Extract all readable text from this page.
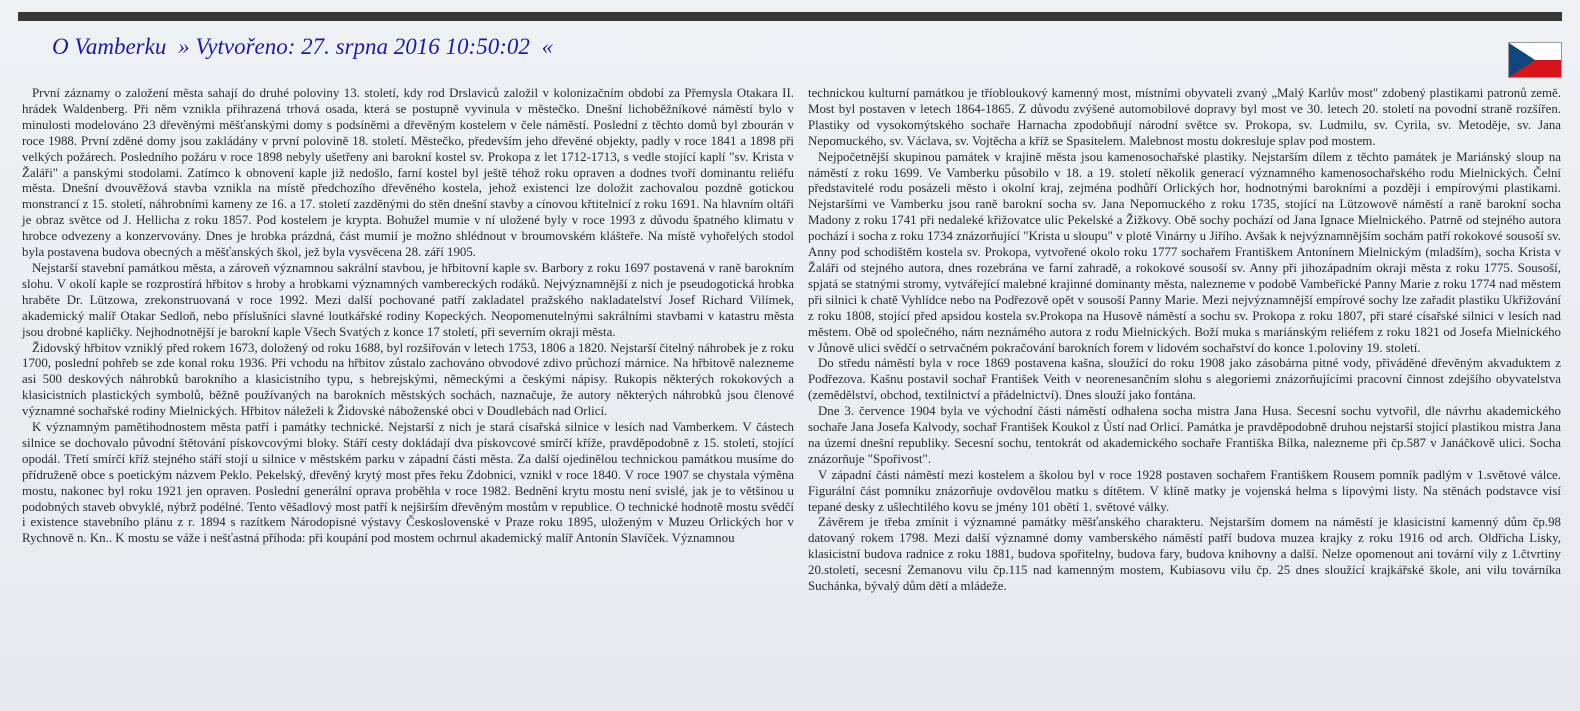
O Vamberku » Vytvořeno: 27. srpna 2016 10:50:02 «

První záznamy o založení města sahají do druhé poloviny 13. století, kdy rod Drslaviců založil v kolonizačním období za Přemysla Otakara II. hrádek Waldenberg. Při něm vznikla přihrazená trhová osada, která se postupně vyvinula v městečko. Dnešní lichoběžníkové náměstí bylo v minulosti modelováno 23 dřevěnými měšťanskými domy s podsíněmi a dřevěným kostelem v čele náměstí. Poslední z těchto domů byl zbourán v roce 1988. První zděné domy jsou zakládány v první polovině 18. století. Městečko, především jeho dřevěné objekty, padly v roce 1841 a 1898 při velkých požárech. Posledního požáru v roce 1898 nebyly ušetřeny ani barokní kostel sv. Prokopa z let 1712-1713, s vedle stojící kaplí "sv. Krista v Žaláři" a panskými stodolami. Zatímco k obnovení kaple již nedošlo, farní kostel byl ještě téhož roku opraven a dodnes tvoří dominantu reliéfu města. Dnešní dvouvěžová stavba vznikla na místě předchozího dřevěného kostela, jehož existenci lze doložit zachovalou pozdně gotickou monstrancí z 15. století, náhrobními kameny ze 16. a 17. století zazděnými do stěn dnešní stavby a cínovou křtitelnicí z roku 1691. Na hlavním oltáři je obraz světce od J. Hellicha z roku 1857. Pod kostelem je krypta. Bohužel mumie v ní uložené byly v roce 1993 z důvodu špatného klimatu v hrobce odvezeny a konzervovány. Dnes je hrobka prázdná, část mumií je možno shlédnout v broumovském klášteře. Na místě vyhořelých stodol byla postavena budova obecných a měšťanských škol, jež byla vysvěcena 28. září 1905.

Nejstarší stavební památkou města, a zároveň významnou sakrální stavbou, je hřbitovní kaple sv. Barbory z roku 1697 postavená v raně barokním slohu. V okolí kaple se rozprostírá hřbitov s hroby a hrobkami významných vambereckých rodáků. Nejvýznamnější z nich je pseudogotická hrobka hraběte Dr. Lützowa, zrekonstruovaná v roce 1992. Mezi další pochované patří zakladatel pražského nakladatelství Josef Richard Vilímek, akademický malíř Otakar Sedloň, nebo příslušníci slavné loutkářské rodiny Kopeckých. Neopomenutelnými sakrálními stavbami v katastru města jsou drobné kapličky. Nejhodnotnější je barokní kaple Všech Svatých z konce 17 století, při severním okraji města.

Židovský hřbitov vzniklý před rokem 1673, doložený od roku 1688, byl rozšiřován v letech 1753, 1806 a 1820. Nejstarší čitelný náhrobek je z roku 1700, poslední pohřeb se zde konal roku 1936. Při vchodu na hřbitov zůstalo zachováno obvodové zdivo průchozí márnice. Na hřbitově nalezneme asi 500 deskových náhrobků barokního a klasicistního typu, s hebrejskými, německými a českými nápisy. Rukopis některých rokokových a klasicistních plastických symbolů, běžně používaných na barokních městských sochách, naznačuje, že autory některých náhrobků jsou členové významné sochařské rodiny Mielnických. Hřbitov náleželi k Židovské náboženské obci v Doudlebách nad Orlicí.

K významným pamětihodnostem města patří i památky technické. Nejstarší z nich je stará císařská silnice v lesích nad Vamberkem. V částech silnice se dochovalo původní štětování pískovcovými bloky. Stáří cesty dokládají dva pískovcové smírčí kříže, pravděpodobně z 15. století, stojící opodál. Třetí smírčí kříž stejného stáří stojí u silnice v městském parku v západní části města. Za další ojedinělou technickou památkou musíme do přídruženě obce s poetickým názvem Peklo. Pekelský, dřevěný krytý most přes řeku Zdobnici, vznikl v roce 1840. V roce 1907 se chystala výměna mostu, nakonec byl roku 1921 jen opraven. Poslední generální oprava proběhla v roce 1982. Bednění krytu mostu není svislé, jak je to většinou u podobných staveb obvyklé, nýbrž podélné. Tento věšadlový most patří k nejširším dřevěným mostům v republice. O technické hodnotě mostu svědčí i existence stavebního plánu z r. 1894 s razítkem Národopisné výstavy Československé v Praze roku 1895, uloženým v Muzeu Orlických hor v Rychnově n. Kn.. K mostu se váže i nešťastná příhoda: při koupání pod mostem ochrnul akademický malíř Antonín Slavíček. Významnou

technickou kulturní památkou je tříobloukový kamenný most, místními obyvateli zvaný „Malý Karlův most" zdobený plastikami patronů země. Most byl postaven v letech 1864-1865. Z důvodu zvýšené automobilové dopravy byl most ve 30. letech 20. století na povodní straně rozšířen. Plastiky od vysokomýtského sochaře Harnacha zpodobňují národní světce sv. Prokopa, sv. Ludmilu, sv. Cyrila, sv. Metoděje, sv. Jana Nepomuckého, sv. Václava, sv. Vojtěcha a kříž se Spasitelem. Malebnost mostu dokresluje splav pod mostem.

Nejpočetnější skupinou památek v krajině města jsou kamenosochařské plastiky. Nejstarším dílem z těchto památek je Mariánský sloup na náměstí z roku 1699. Ve Vamberku působilo v 18. a 19. století několik generací významného kamenosochařského rodu Mielnických. Čelní představitelé rodu posázeli město i okolní kraj, zejména podhůří Orlických hor, hodnotnými barokními a později i empírovými plastikami. Nejstaršími ve Vamberku jsou raně barokní socha sv. Jana Nepomuckého z roku 1735, stojící na Lützowově náměstí a raně barokní socha Madony z roku 1741 při nedaleké křižovatce ulic Pekelské a Žižkovy. Obě sochy pochází od Jana Ignace Mielnického. Patrně od stejného autora pochází i socha z roku 1734 znázorňující "Krista u sloupu" v plotě Vinárny u Jiřího. Avšak k nejvýznamnějším sochám patří rokokové sousoší sv. Anny pod schodištěm kostela sv. Prokopa, vytvořené okolo roku 1777 sochařem Františkem Antonínem Mielnickým (mladším), socha Krista v Žaláři od stejného autora, dnes rozebrána ve farní zahradě, a rokokové sousoší sv. Anny při jihozápadním okraji města z roku 1775. Sousoší, spjatá se statnými stromy, vytvářející malebné krajinné dominanty města, nalezneme v podobě Vambeřické Panny Marie z roku 1774 nad městem při silnici k chatě Vyhlídce nebo na Podřezově opět v sousoší Panny Marie. Mezi nejvýznamnější empírové sochy lze zařadit plastiku Ukřižování z roku 1808, stojící před apsidou kostela sv.Prokopa na Husově náměstí a sochu sv. Prokopa z roku 1807, při staré císařské silnici v lesích nad městem. Obě od společného, nám neznámého autora z rodu Mielnických. Boží muka s mariánským reliéfem z roku 1821 od Josefa Mielnického v Jůnově ulici svědčí o setrvačném pokračování barokních forem v lidovém sochařství do konce 1.poloviny 19. století.

Do středu náměstí byla v roce 1869 postavena kašna, sloužící do roku 1908 jako zásobárna pitné vody, přiváděné dřevěným akvaduktem z Podřezova. Kašnu postavil sochař František Veith v neorenesančním slohu s alegoriemi znázorňujícími pracovní činnost zdejšího obyvatelstva (zemědělství, obchod, textilnictví a přádelnictví). Dnes slouží jako fontána.

Dne 3. července 1904 byla ve východní části náměstí odhalena socha mistra Jana Husa. Secesní sochu vytvořil, dle návrhu akademického sochaře Jana Josefa Kalvody, sochař František Koukol z Ústí nad Orlicí. Památka je pravděpodobně druhou nejstarší stojící plastikou mistra Jana na území dnešní republiky. Secesní sochu, tentokrát od akademického sochaře Františka Bílka, nalezneme při čp.587 v Janáčkově ulici. Socha znázorňuje "Spořivost".

V západní části náměstí mezi kostelem a školou byl v roce 1928 postaven sochařem Františkem Rousem pomník padlým v 1.světové válce. Figurální část pomníku znázorňuje ovdovělou matku s dítětem. V klíně matky je vojenská helma s lipovými listy. Na stěnách podstavce visí tepané desky z ušlechtilého kovu se jmény 101 obětí 1. světové války.

Závěrem je třeba zmínit i významné památky měšťanského charakteru. Nejstarším domem na náměstí je klasicistní kamenný dům čp.98 datovaný rokem 1798. Mezi další významné domy vamberského náměstí patří budova muzea krajky z roku 1916 od arch. Oldřicha Lisky, klasicistní budova radnice z roku 1881, budova spořitelny, budova fary, budova knihovny a další. Nelze opomenout ani tovární vily z 1.čtvrtiny 20.století, secesní Zemanovu vilu čp.115 nad kamenným mostem, Kubiasovu vilu čp. 25 dnes sloužící krajkářské škole, ani vilu továrníka Suchánka, bývalý dům dětí a mládeže.
